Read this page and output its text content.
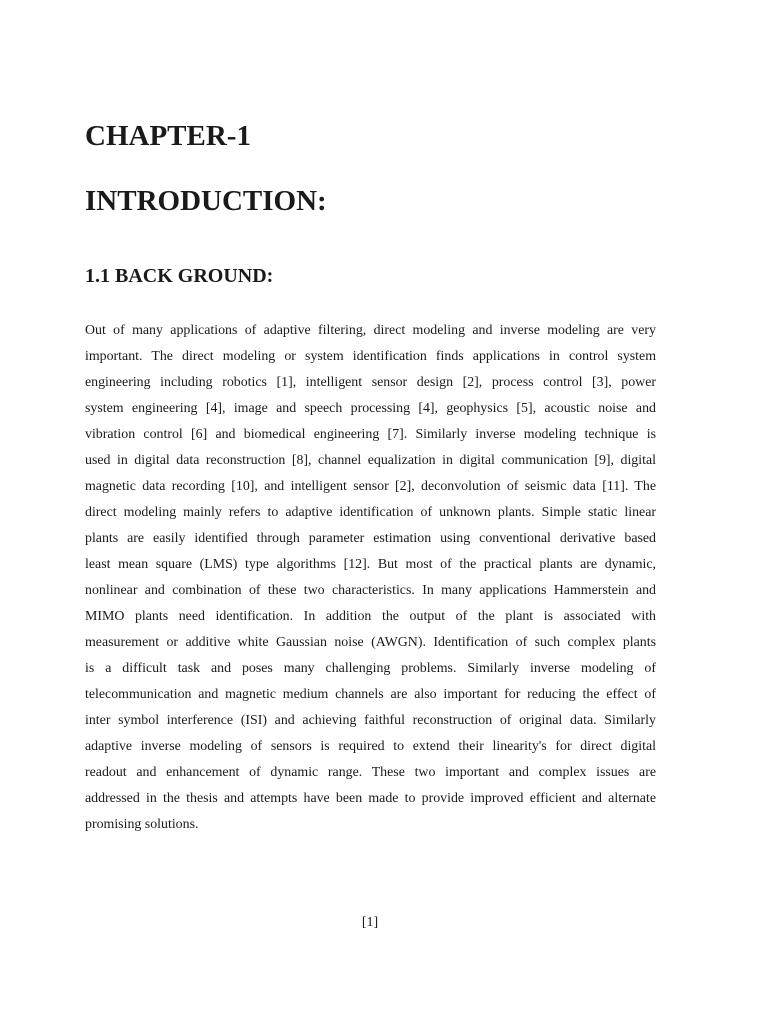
CHAPTER-1
INTRODUCTION:
1.1 BACK GROUND:
Out of many applications of adaptive filtering, direct modeling and inverse modeling are very
important. The direct modeling or system identification finds applications in control system
engineering including robotics [1], intelligent sensor design [2], process control [3], power
system engineering [4], image and speech processing [4], geophysics [5], acoustic noise and
vibration control [6] and biomedical engineering [7]. Similarly inverse modeling technique is
used in digital data reconstruction [8], channel equalization in digital communication [9], digital
magnetic data recording [10], and intelligent sensor [2], deconvolution of seismic data [11]. The
direct modeling mainly refers to adaptive identification of unknown plants. Simple static linear
plants are easily identified through parameter estimation using conventional derivative based
least mean square (LMS) type algorithms [12]. But most of the practical plants are dynamic,
nonlinear and combination of these two characteristics. In many applications Hammerstein and
MIMO plants need identification. In addition the output of the plant is associated with
measurement or additive white Gaussian noise (AWGN). Identification of such complex plants
is a difficult task and poses many challenging problems. Similarly inverse modeling of
telecommunication and magnetic medium channels are also important for reducing the effect of
inter symbol interference (ISI) and achieving faithful reconstruction of original data. Similarly
adaptive inverse modeling of sensors is required to extend their linearity's for direct digital
readout and enhancement of dynamic range. These two important and complex issues are
addressed in the thesis and attempts have been made to provide improved efficient and alternate
promising solutions.
[1]
